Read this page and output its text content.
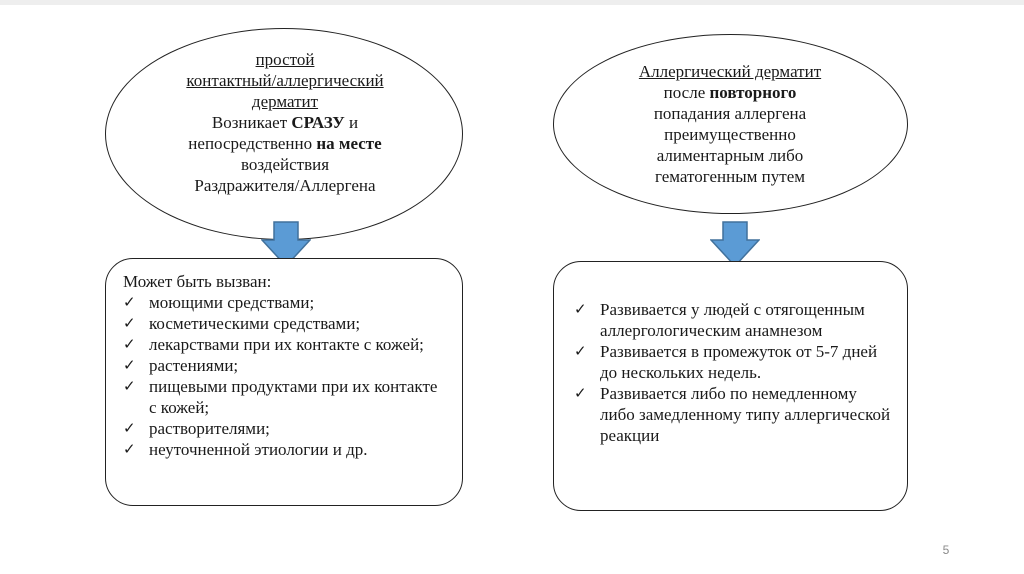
простой
контактный/аллергический
дерматит
Возникает СРАЗУ и
непосредственно на месте
воздействия
Раздражителя/Аллергена
Может быть вызван:
✓ моющими средствами;
✓ косметическими средствами;
✓ лекарствами при их контакте с кожей;
✓ растениями;
✓ пищевыми продуктами при их контакте с кожей;
✓ растворителями;
✓ неуточненной этиологии и др.
Аллергический дерматит
после повторного
попадания аллергена
преимущественно
алиментарным либо
гематогенным путем
✓ Развивается у людей с отягощенным аллергологическим анамнезом
✓ Развивается в промежуток от 5-7 дней до нескольких недель.
✓ Развивается либо по немедленному либо замедленному типу аллергической реакции
5
